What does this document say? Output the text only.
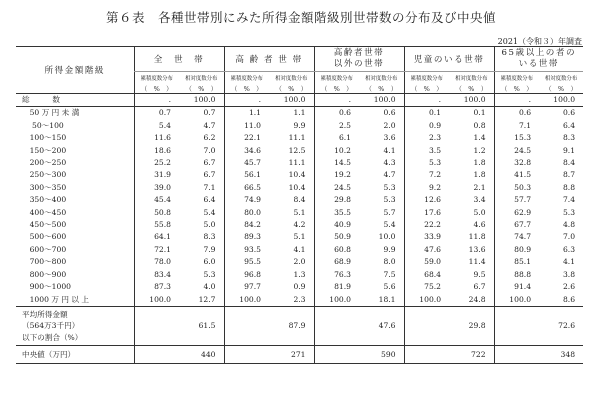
第６表　各種世帯別にみた所得金額階級別世帯数の分布及び中央値
2021（令和３）年調査
所得金額階級	全　世　帯		高 齢 者 世 帯		高齢者世帯
以外の世帯		児童のいる世帯		65歳以上の者の
いる世帯	
	累積度数分布	相対度数分布	累積度数分布	相対度数分布	累積度数分布	相対度数分布	累積度数分布	相対度数分布	累積度数分布	相対度数分布
	（　%　）	（　%　）	（　%　）	（　%　）	（　%　）	（　%　）	（　%　）	（　%　）	（　%　）	（　%　）
総　　　数	.	100.0	.	100.0	.	100.0	.	100.0	.	100.0
　50 万 円 未 満	0.7	0.7	1.1	1.1	0.6	0.6	0.1	0.1	0.6	0.6
　 50～100	5.4	4.7	11.0	9.9	2.5	2.0	0.9	0.8	7.1	6.4
　100～150	11.6	6.2	22.1	11.1	6.1	3.6	2.3	1.4	15.3	8.3
　150～200	18.6	7.0	34.6	12.5	10.2	4.1	3.5	1.2	24.5	9.1
　200～250	25.2	6.7	45.7	11.1	14.5	4.3	5.3	1.8	32.8	8.4
　250～300	31.9	6.7	56.1	10.4	19.2	4.7	7.2	1.8	41.5	8.7
　300～350	39.0	7.1	66.5	10.4	24.5	5.3	9.2	2.1	50.3	8.8
　350～400	45.4	6.4	74.9	8.4	29.8	5.3	12.6	3.4	57.7	7.4
　400～450	50.8	5.4	80.0	5.1	35.5	5.7	17.6	5.0	62.9	5.3
　450～500	55.8	5.0	84.2	4.2	40.9	5.4	22.2	4.6	67.7	4.8
　500～600	64.1	8.3	89.3	5.1	50.9	10.0	33.9	11.8	74.7	7.0
　600～700	72.1	7.9	93.5	4.1	60.8	9.9	47.6	13.6	80.9	6.3
　700～800	78.0	6.0	95.5	2.0	68.9	8.0	59.0	11.4	85.1	4.1
　800～900	83.4	5.3	96.8	1.3	76.3	7.5	68.4	9.5	88.8	3.8
　900～1000	87.3	4.0	97.7	0.9	81.9	5.6	75.2	6.7	91.4	2.6
　1000 万 円 以 上	100.0	12.7	100.0	2.3	100.0	18.1	100.0	24.8	100.0	8.6

平均所得金額
（564万3千円）
以下の割合（%）	61.5		87.9		47.6		29.8		72.6	
中央値（万円）	440		271		590		722		348	
